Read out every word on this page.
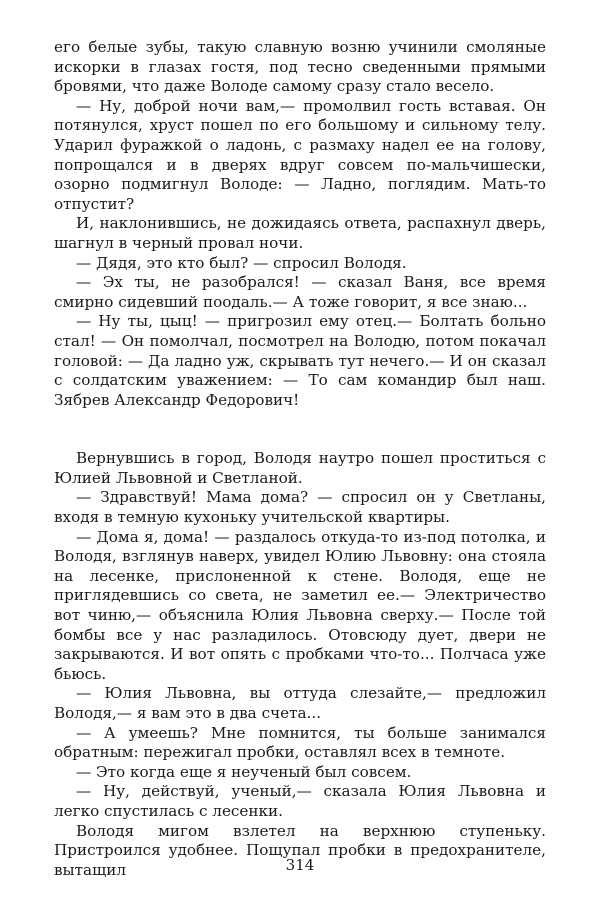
его белые зубы, такую славную возню учинили смоляные искорки в глазах гостя, под тесно сведенными прямыми бровями, что даже Володе самому сразу стало весело.

— Ну, доброй ночи вам,— промолвил гость вставая. Он потянулся, хруст пошел по его большому и сильному телу. Ударил фуражкой о ладонь, с размаху надел ее на голову, попрощался и в дверях вдруг совсем по-мальчишески, озорно подмигнул Володе: — Ладно, поглядим. Мать-то отпустит?

И, наклонившись, не дожидаясь ответа, распахнул дверь, шагнул в черный провал ночи.

— Дядя, это кто был? — спросил Володя.

— Эх ты, не разобрался! — сказал Ваня, все время смирно сидевший поодаль.— А тоже говорит, я все знаю...

— Ну ты, цыц! — пригрозил ему отец.— Болтать больно стал! — Он помолчал, посмотрел на Володю, потом покачал головой: — Да ладно уж, скрывать тут нечего.— И он сказал с солдатским уважением: — То сам командир был наш. Зябрев Александр Федорович!

Вернувшись в город, Володя наутро пошел проститься с Юлией Львовной и Светланой.

— Здравствуй! Мама дома? — спросил он у Светланы, входя в темную кухоньку учительской квартиры.

— Дома я, дома! — раздалось откуда-то из-под потолка, и Володя, взглянув наверх, увидел Юлию Львовну: она стояла на лесенке, прислоненной к стене. Володя, еще не приглядевшись со света, не заметил ее.— Электричество вот чиню,— объяснила Юлия Львовна сверху.— После той бомбы все у нас разладилось. Отовсюду дует, двери не закрываются. И вот опять с пробками что-то... Полчаса уже бьюсь.

— Юлия Львовна, вы оттуда слезайте,— предложил Володя,— я вам это в два счета...

— А умеешь? Мне помнится, ты больше занимался обратным: пережигал пробки, оставлял всех в темноте.

— Это когда еще я неученый был совсем.

— Ну, действуй, ученый,— сказала Юлия Львовна и легко спустилась с лесенки.

Володя мигом взлетел на верхнюю ступеньку. Пристроился удобнее. Пощупал пробки в предохранителе, вытащил	314
